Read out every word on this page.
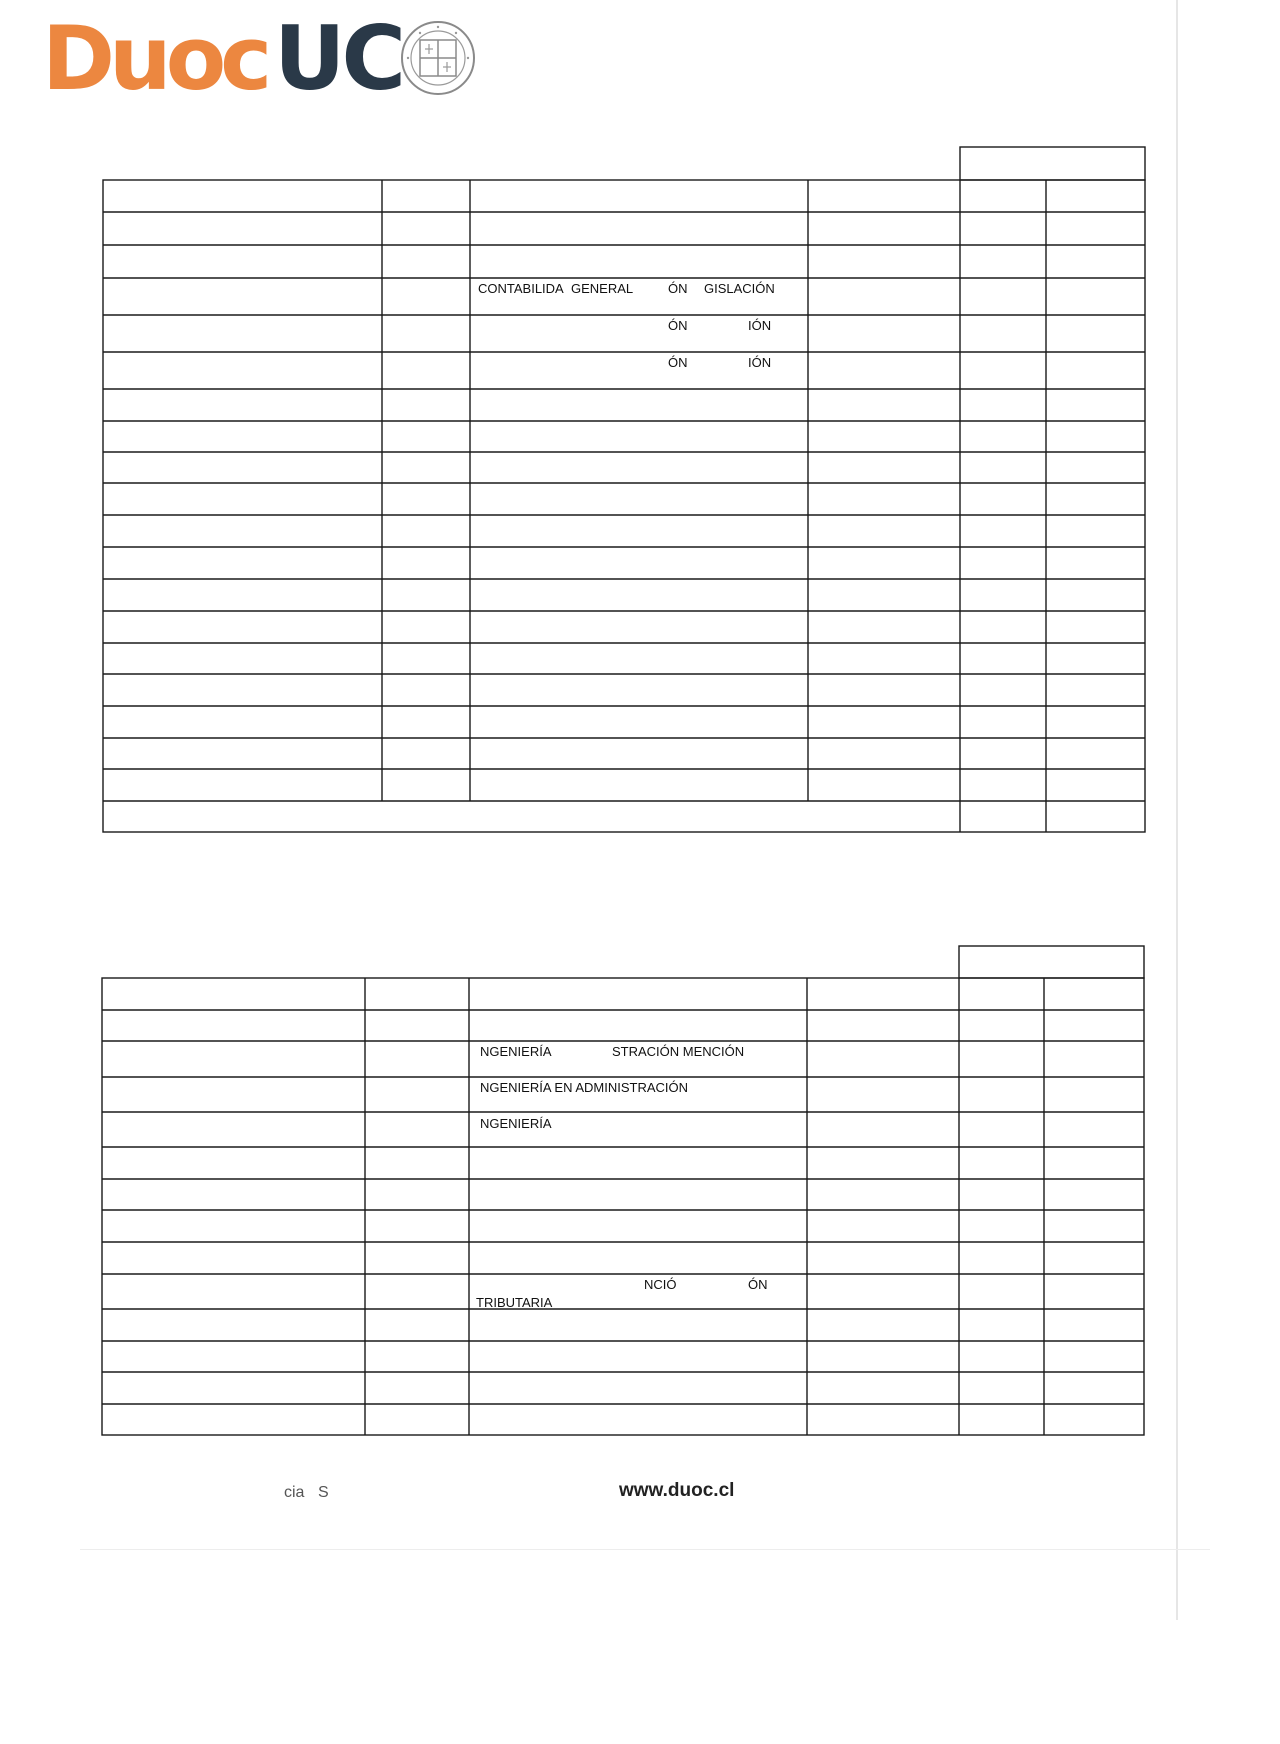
Duoc UC
CONTABILIDA GENERAL	ÓN GISLACIÓN
ÓN	IÓN
ÓN	IÓN
NGENIERÍA	STRACIÓN MENCIÓN
NGENIERÍA EN ADMINISTRACIÓN
NGENIERÍA
TRIBUTARIA
NCIÓ	ÓN
cia S	www.duoc.cl
